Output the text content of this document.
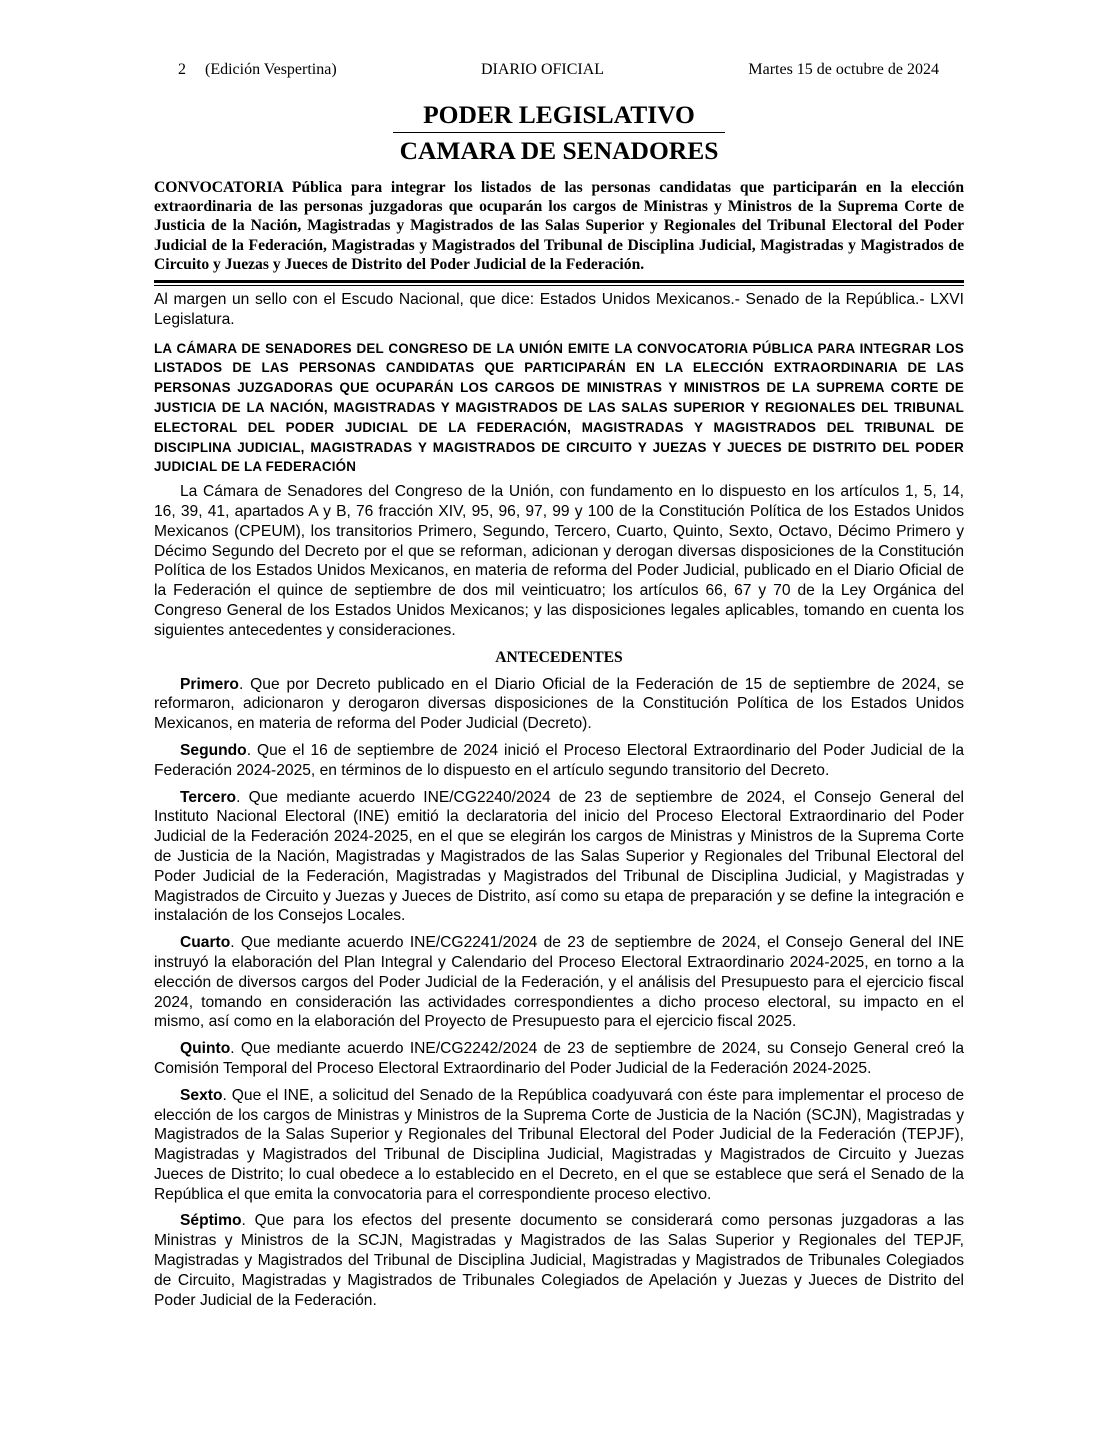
2 (Edición Vespertina)	DIARIO OFICIAL	Martes 15 de octubre de 2024
PODER LEGISLATIVO
CAMARA DE SENADORES
CONVOCATORIA Pública para integrar los listados de las personas candidatas que participarán en la elección extraordinaria de las personas juzgadoras que ocuparán los cargos de Ministras y Ministros de la Suprema Corte de Justicia de la Nación, Magistradas y Magistrados de las Salas Superior y Regionales del Tribunal Electoral del Poder Judicial de la Federación, Magistradas y Magistrados del Tribunal de Disciplina Judicial, Magistradas y Magistrados de Circuito y Juezas y Jueces de Distrito del Poder Judicial de la Federación.
Al margen un sello con el Escudo Nacional, que dice: Estados Unidos Mexicanos.- Senado de la República.- LXVI Legislatura.
LA CÁMARA DE SENADORES DEL CONGRESO DE LA UNIÓN EMITE LA CONVOCATORIA PÚBLICA PARA INTEGRAR LOS LISTADOS DE LAS PERSONAS CANDIDATAS QUE PARTICIPARÁN EN LA ELECCIÓN EXTRAORDINARIA DE LAS PERSONAS JUZGADORAS QUE OCUPARÁN LOS CARGOS DE MINISTRAS Y MINISTROS DE LA SUPREMA CORTE DE JUSTICIA DE LA NACIÓN, MAGISTRADAS Y MAGISTRADOS DE LAS SALAS SUPERIOR Y REGIONALES DEL TRIBUNAL ELECTORAL DEL PODER JUDICIAL DE LA FEDERACIÓN, MAGISTRADAS Y MAGISTRADOS DEL TRIBUNAL DE DISCIPLINA JUDICIAL, MAGISTRADAS Y MAGISTRADOS DE CIRCUITO Y JUEZAS Y JUECES DE DISTRITO DEL PODER JUDICIAL DE LA FEDERACIÓN
La Cámara de Senadores del Congreso de la Unión, con fundamento en lo dispuesto en los artículos 1, 5, 14, 16, 39, 41, apartados A y B, 76 fracción XIV, 95, 96, 97, 99 y 100 de la Constitución Política de los Estados Unidos Mexicanos (CPEUM), los transitorios Primero, Segundo, Tercero, Cuarto, Quinto, Sexto, Octavo, Décimo Primero y Décimo Segundo del Decreto por el que se reforman, adicionan y derogan diversas disposiciones de la Constitución Política de los Estados Unidos Mexicanos, en materia de reforma del Poder Judicial, publicado en el Diario Oficial de la Federación el quince de septiembre de dos mil veinticuatro; los artículos 66, 67 y 70 de la Ley Orgánica del Congreso General de los Estados Unidos Mexicanos; y las disposiciones legales aplicables, tomando en cuenta los siguientes antecedentes y consideraciones.
ANTECEDENTES
Primero. Que por Decreto publicado en el Diario Oficial de la Federación de 15 de septiembre de 2024, se reformaron, adicionaron y derogaron diversas disposiciones de la Constitución Política de los Estados Unidos Mexicanos, en materia de reforma del Poder Judicial (Decreto).
Segundo. Que el 16 de septiembre de 2024 inició el Proceso Electoral Extraordinario del Poder Judicial de la Federación 2024-2025, en términos de lo dispuesto en el artículo segundo transitorio del Decreto.
Tercero. Que mediante acuerdo INE/CG2240/2024 de 23 de septiembre de 2024, el Consejo General del Instituto Nacional Electoral (INE) emitió la declaratoria del inicio del Proceso Electoral Extraordinario del Poder Judicial de la Federación 2024-2025, en el que se elegirán los cargos de Ministras y Ministros de la Suprema Corte de Justicia de la Nación, Magistradas y Magistrados de las Salas Superior y Regionales del Tribunal Electoral del Poder Judicial de la Federación, Magistradas y Magistrados del Tribunal de Disciplina Judicial, y Magistradas y Magistrados de Circuito y Juezas y Jueces de Distrito, así como su etapa de preparación y se define la integración e instalación de los Consejos Locales.
Cuarto. Que mediante acuerdo INE/CG2241/2024 de 23 de septiembre de 2024, el Consejo General del INE instruyó la elaboración del Plan Integral y Calendario del Proceso Electoral Extraordinario 2024-2025, en torno a la elección de diversos cargos del Poder Judicial de la Federación, y el análisis del Presupuesto para el ejercicio fiscal 2024, tomando en consideración las actividades correspondientes a dicho proceso electoral, su impacto en el mismo, así como en la elaboración del Proyecto de Presupuesto para el ejercicio fiscal 2025.
Quinto. Que mediante acuerdo INE/CG2242/2024 de 23 de septiembre de 2024, su Consejo General creó la Comisión Temporal del Proceso Electoral Extraordinario del Poder Judicial de la Federación 2024-2025.
Sexto. Que el INE, a solicitud del Senado de la República coadyuvará con éste para implementar el proceso de elección de los cargos de Ministras y Ministros de la Suprema Corte de Justicia de la Nación (SCJN), Magistradas y Magistrados de la Salas Superior y Regionales del Tribunal Electoral del Poder Judicial de la Federación (TEPJF), Magistradas y Magistrados del Tribunal de Disciplina Judicial, Magistradas y Magistrados de Circuito y Juezas Jueces de Distrito; lo cual obedece a lo establecido en el Decreto, en el que se establece que será el Senado de la República el que emita la convocatoria para el correspondiente proceso electivo.
Séptimo. Que para los efectos del presente documento se considerará como personas juzgadoras a las Ministras y Ministros de la SCJN, Magistradas y Magistrados de las Salas Superior y Regionales del TEPJF, Magistradas y Magistrados del Tribunal de Disciplina Judicial, Magistradas y Magistrados de Tribunales Colegiados de Circuito, Magistradas y Magistrados de Tribunales Colegiados de Apelación y Juezas y Jueces de Distrito del Poder Judicial de la Federación.
